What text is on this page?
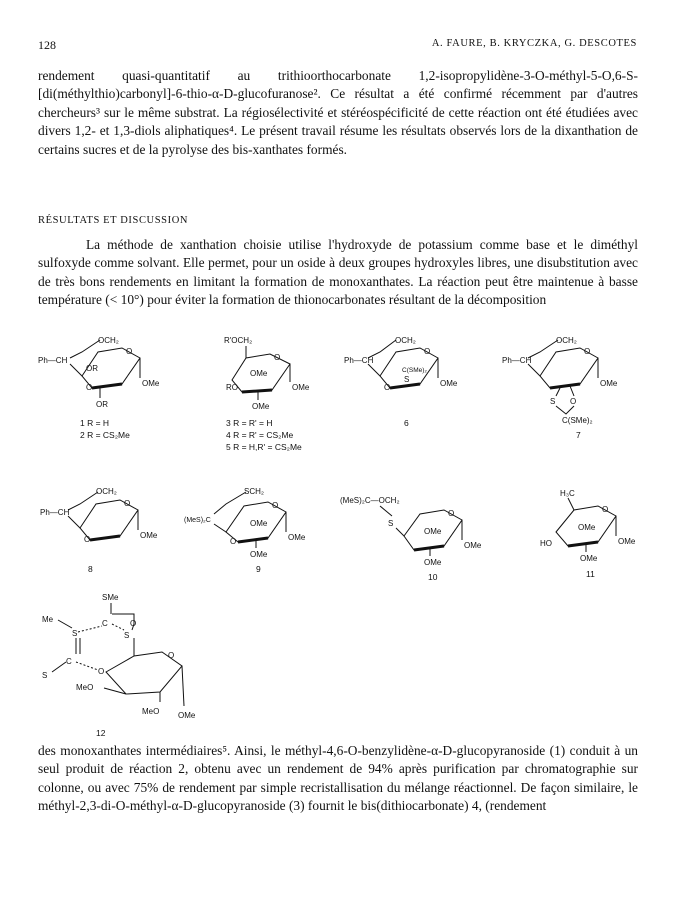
128	A. FAURE, B. KRYCZKA, G. DESCOTES

rendement quasi-quantitatif au trithioorthocarbonate 1,2-isopropylidène-3-O-méthyl-5-O,6-S-[di(méthylthio)carbonyl]-6-thio-α-D-glucofuranose². Ce résultat a été confirmé récemment par d'autres chercheurs³ sur le même substrat. La régiosélectivité et stéréospécificité de cette réaction ont été étudiées avec divers 1,2- et 1,3-diols aliphatiques⁴. Le présent travail résume les résultats observés lors de la dixanthation de certains sucres et de la pyrolyse des bis-xanthates formés.

RÉSULTATS ET DISCUSSION

La méthode de xanthation choisie utilise l'hydroxyde de potassium comme base et le diméthyl sulfoxyde comme solvant. Elle permet, pour un oside à deux groupes hydroxyles libres, une disubstitution avec de très bons rendements en limitant la formation de monoxanthates. La réaction peut être maintenue à basse température (< 10°) pour éviter la formation de thionocarbonates résultant de la décomposition

OCH₂
Ph—CH
OR
O
OMe
OR
O
1 R = H
2 R = CS₂Me
R'OCH₂
O
OMe
OMe
RO
OMe
3 R = R' = H
4 R = R' = CS₂Me
5 R = H,R' = CS₂Me
OCH₂
Ph—CH
O
C(SMe)₂
OMe
S
O
6
OCH₂
Ph—CH
O
OMe
S O
C(SMe)₂
7
OCH₂
Ph—CH
O
OMe
O
8
SCH₂
(MeS)₂C
O
OMe
OMe
OMe
O
9
(MeS)₂C—OCH₂
S
O
OMe
OMe
OMe
10
H₃C
O
OMe
OMe
HO
OMe
11
SMe
Me
S
C
S
O
C
S	O
O
MeO
MeO OMe
12

des monoxanthates intermédiaires⁵. Ainsi, le méthyl-4,6-O-benzylidène-α-D-glucopyranoside (1) conduit à un seul produit de réaction 2, obtenu avec un rendement de 94% après purification par chromatographie sur colonne, ou avec 75% de rendement par simple recristallisation du mélange réactionnel. De façon similaire, le méthyl-2,3-di-O-méthyl-α-D-glucopyranoside (3) fournit le bis(dithiocarbonate) 4, (rendement
